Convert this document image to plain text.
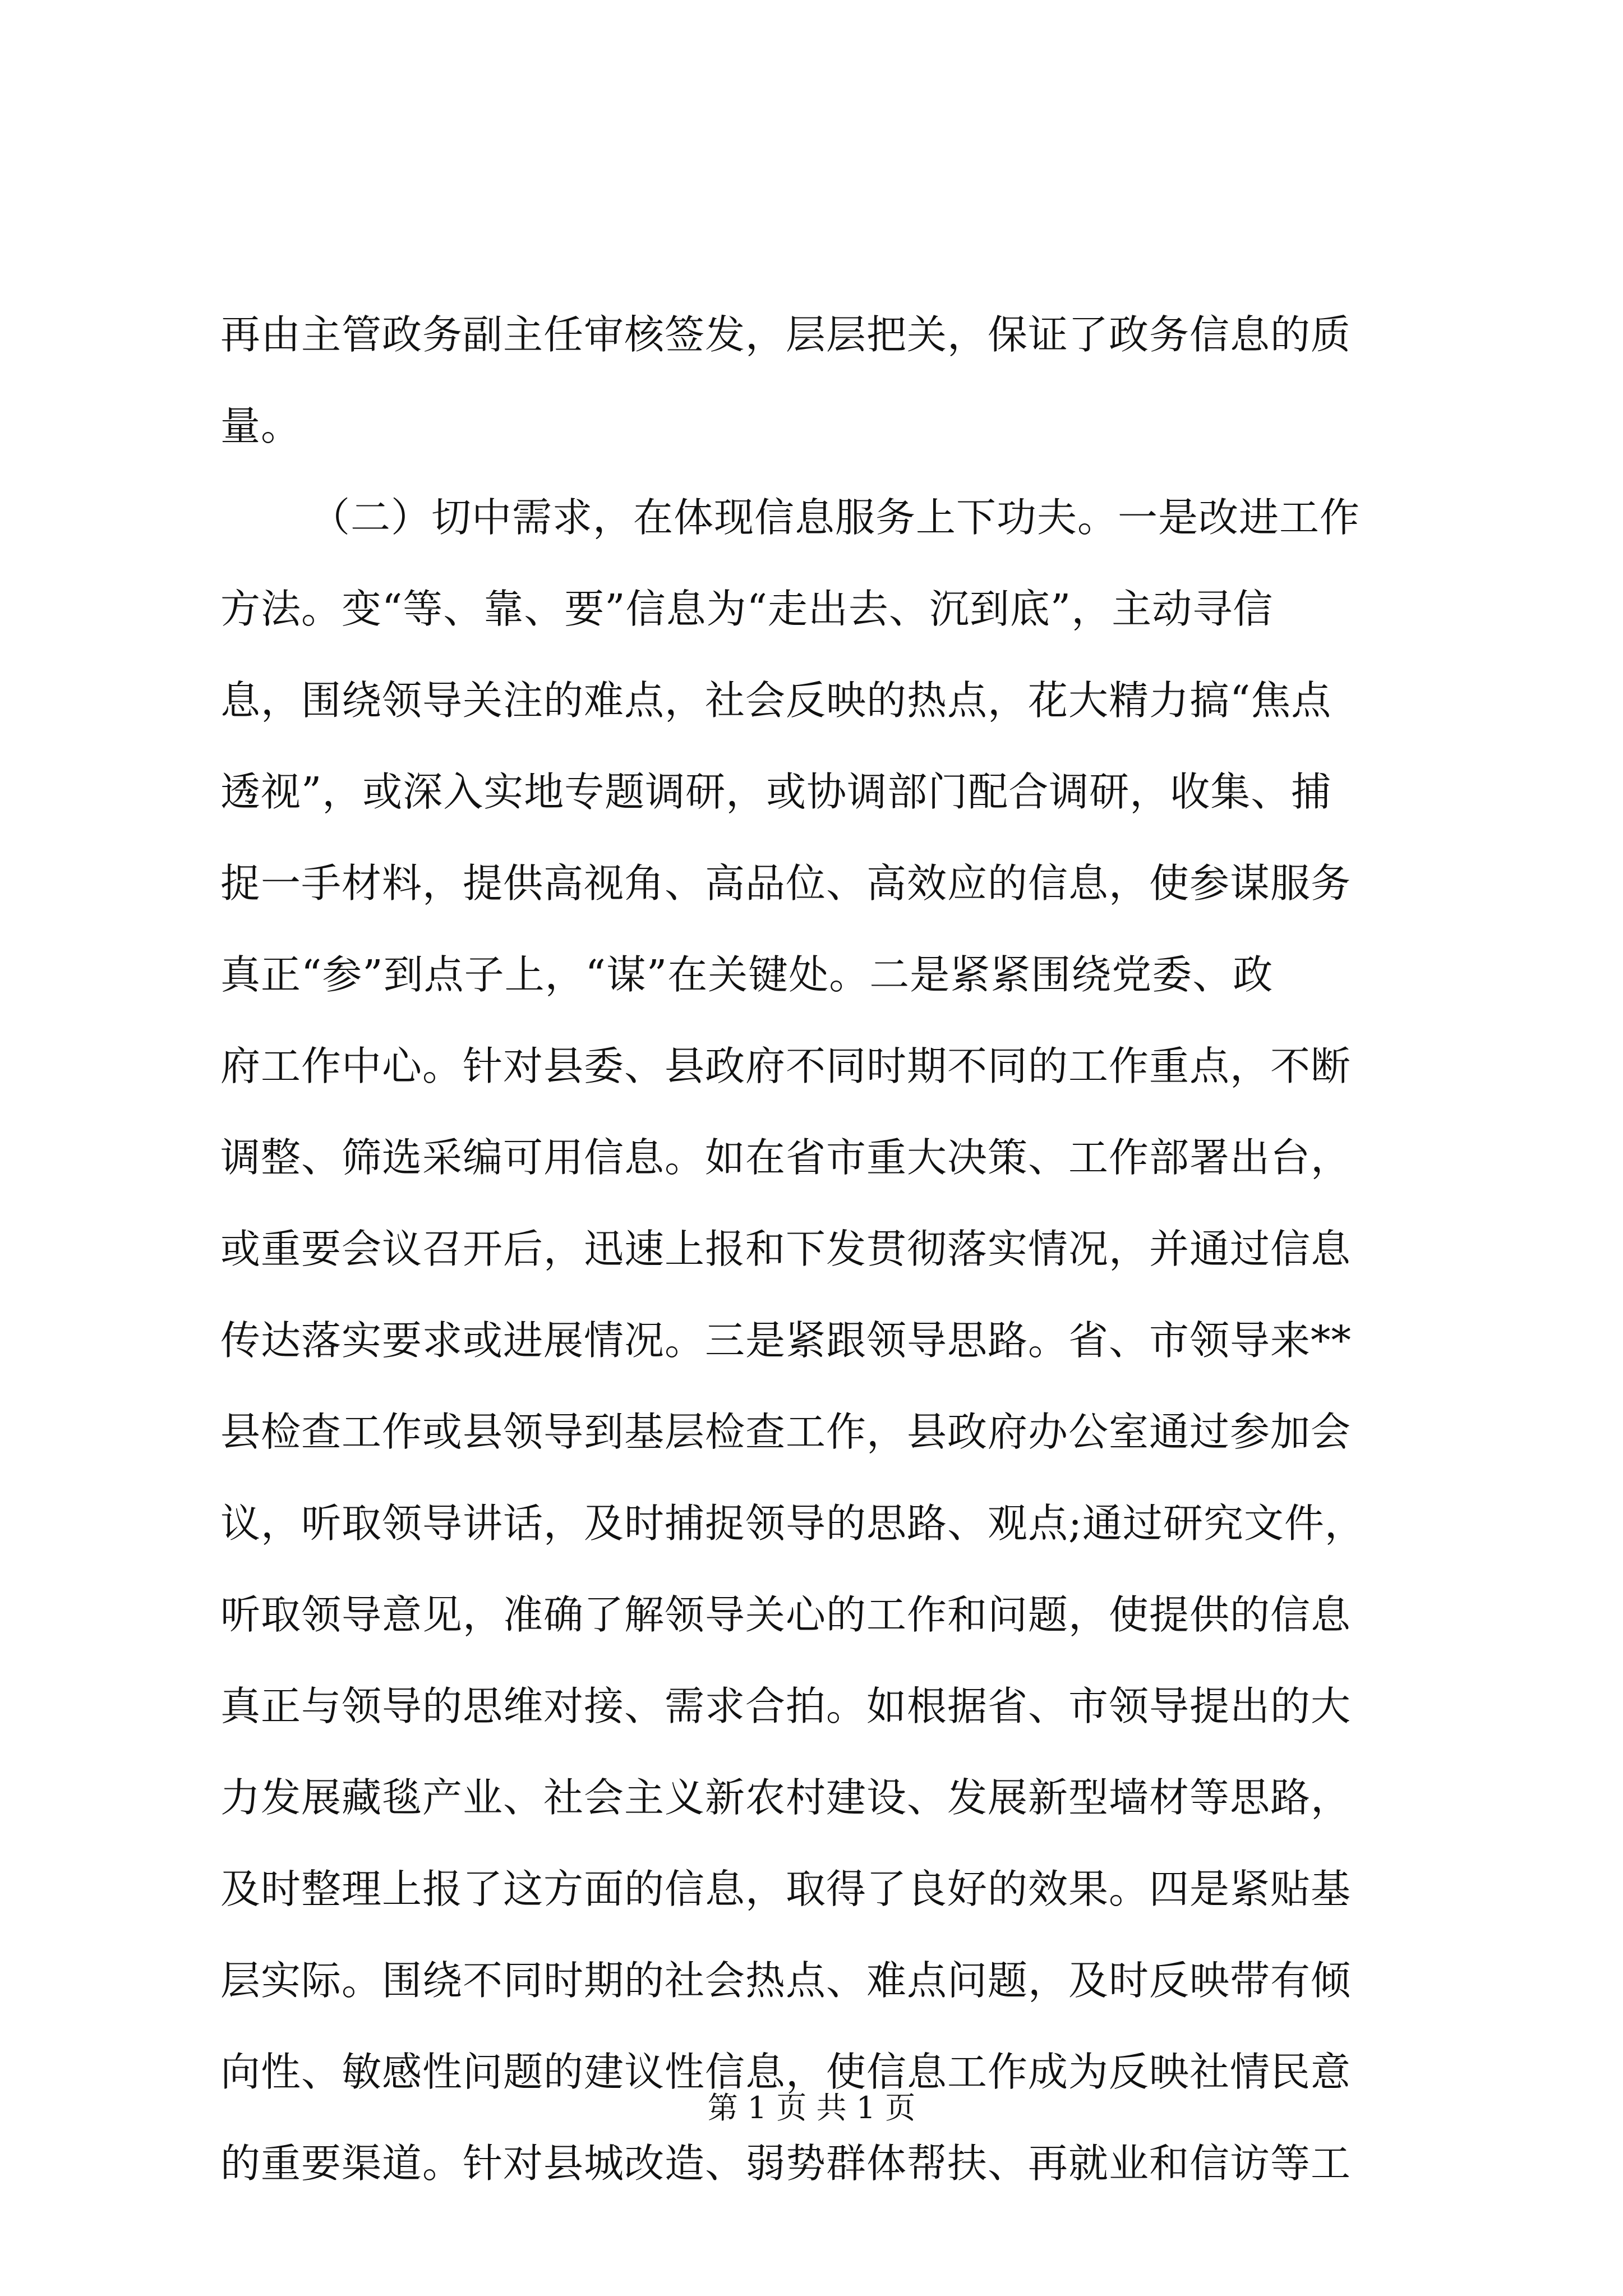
再由主管政务副主任审核签发，层层把关，保证了政务信息的质
量。
（二）切中需求，在体现信息服务上下功夫。一是改进工作
方法。变“等、靠、要”信息为“走出去、沉到底”，主动寻信
息，围绕领导关注的难点，社会反映的热点，花大精力搞“焦点
透视”，或深入实地专题调研，或协调部门配合调研，收集、捕
捉一手材料，提供高视角、高品位、高效应的信息，使参谋服务
真正“参”到点子上，“谋”在关键处。二是紧紧围绕党委、政
府工作中心。针对县委、县政府不同时期不同的工作重点，不断
调整、筛选采编可用信息。如在省市重大决策、工作部署出台，
或重要会议召开后，迅速上报和下发贯彻落实情况，并通过信息
传达落实要求或进展情况。三是紧跟领导思路。省、市领导来**
县检查工作或县领导到基层检查工作，县政府办公室通过参加会
议，听取领导讲话，及时捕捉领导的思路、观点;通过研究文件，
听取领导意见，准确了解领导关心的工作和问题，使提供的信息
真正与领导的思维对接、需求合拍。如根据省、市领导提出的大
力发展藏毯产业、社会主义新农村建设、发展新型墙材等思路，
及时整理上报了这方面的信息，取得了良好的效果。四是紧贴基
层实际。围绕不同时期的社会热点、难点问题，及时反映带有倾
向性、敏感性问题的建议性信息，使信息工作成为反映社情民意
的重要渠道。针对县城改造、弱势群体帮扶、再就业和信访等工
第 1 页 共 1 页
